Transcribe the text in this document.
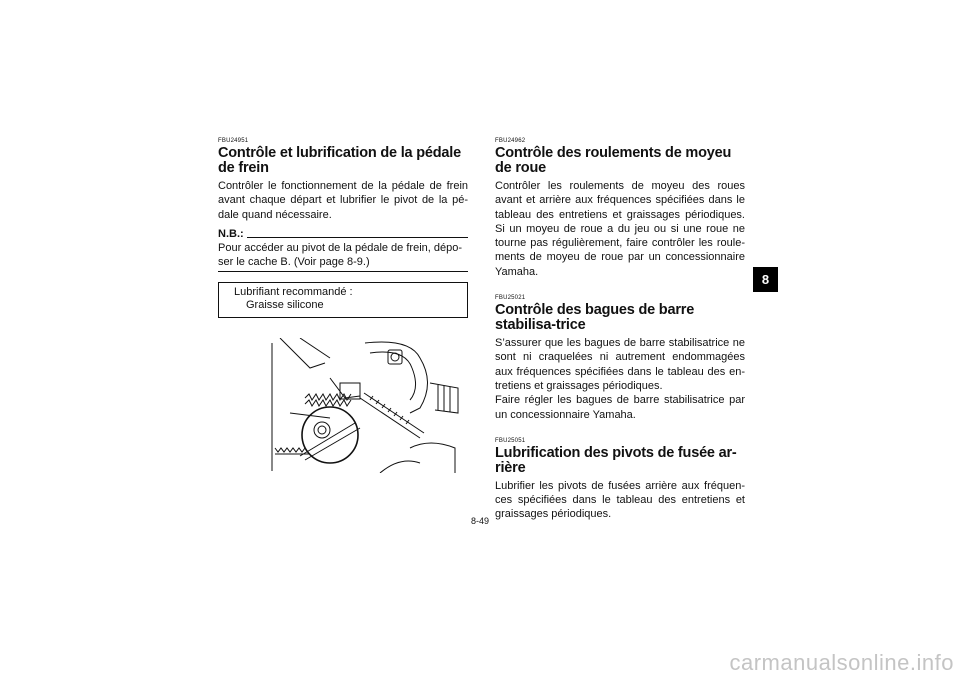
FBU24951
Contrôle et lubrification de la pédale de frein

Contrôler le fonctionnement de la pédale de frein avant chaque départ et lubrifier le pivot de la pé-dale quand nécessaire.

N.B.:

Pour accéder au pivot de la pédale de frein, dépo-ser le cache B. (Voir page 8-9.)

Lubrifiant recommandé :
Graisse silicone
FBU24962
Contrôle des roulements de moyeu de roue

Contrôler les roulements de moyeu des roues avant et arrière aux fréquences spécifiées dans le tableau des entretiens et graissages périodiques. Si un moyeu de roue a du jeu ou si une roue ne tourne pas régulièrement, faire contrôler les roule-ments de moyeu de roue par un concessionnaire Yamaha.

FBU25021
Contrôle des bagues de barre stabilisa-trice

S’assurer que les bagues de barre stabilisatrice ne sont ni craquelées ni autrement endommagées aux fréquences spécifiées dans le tableau des en-tretiens et graissages périodiques.

Faire régler les bagues de barre stabilisatrice par un concessionnaire Yamaha.

FBU25051
Lubrification des pivots de fusée ar-rière

Lubrifier les pivots de fusées arrière aux fréquen-ces spécifiées dans le tableau des entretiens et graissages périodiques.

8-49
8
carmanualsonline.info
